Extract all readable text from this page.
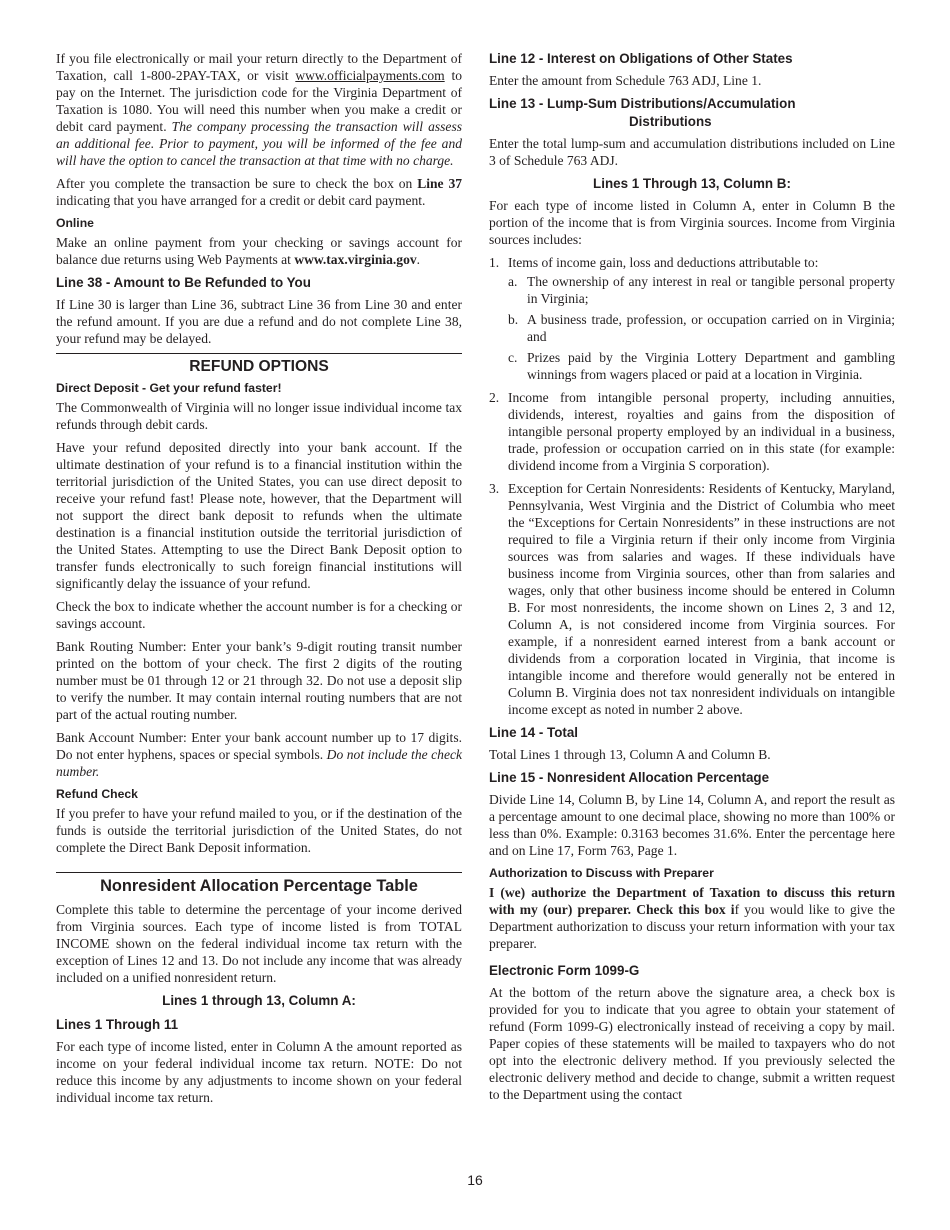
If you file electronically or mail your return directly to the Department of Taxation, call 1-800-2PAY-TAX, or visit www.officialpayments.com to pay on the Internet. The jurisdiction code for the Virginia Department of Taxation is 1080. You will need this number when you make a credit or debit card payment. The company processing the transaction will assess an additional fee. Prior to payment, you will be informed of the fee and will have the option to cancel the transaction at that time with no charge.

After you complete the transaction be sure to check the box on Line 37 indicating that you have arranged for a credit or debit card payment.

Online

Make an online payment from your checking or savings account for balance due returns using Web Payments at www.tax.virginia.gov.

Line 38 - Amount to Be Refunded to You

If Line 30 is larger than Line 36, subtract Line 36 from Line 30 and enter the refund amount. If you are due a refund and do not complete Line 38, your refund may be delayed.

REFUND OPTIONS
Direct Deposit - Get your refund faster!

The Commonwealth of Virginia will no longer issue individual income tax refunds through debit cards.

Have your refund deposited directly into your bank account. If the ultimate destination of your refund is to a financial institution within the territorial jurisdiction of the United States, you can use direct deposit to receive your refund fast! Please note, however, that the Department will not support the direct bank deposit to refunds when the ultimate destination is a financial institution outside the territorial jurisdiction of the United States. Attempting to use the Direct Bank Deposit option to transfer funds electronically to such foreign financial institutions will significantly delay the issuance of your refund.

Check the box to indicate whether the account number is for a checking or savings account.

Bank Routing Number: Enter your bank’s 9-digit routing transit number printed on the bottom of your check. The first 2 digits of the routing number must be 01 through 12 or 21 through 32. Do not use a deposit slip to verify the number. It may contain internal routing numbers that are not part of the actual routing number.

Bank Account Number: Enter your bank account number up to 17 digits. Do not enter hyphens, spaces or special symbols. Do not include the check number.

Refund Check

If you prefer to have your refund mailed to you, or if the destination of the funds is outside the territorial jurisdiction of the United States, do not complete the Direct Bank Deposit information.

Nonresident Allocation Percentage Table

Complete this table to determine the percentage of your income derived from Virginia sources. Each type of income listed is from TOTAL INCOME shown on the federal individual income tax return with the exception of Lines 12 and 13. Do not include any income that was already included on a unified nonresident return.

Lines 1 through 13, Column A:
Lines 1 Through 11

For each type of income listed, enter in Column A the amount reported as income on your federal individual income tax return. NOTE: Do not reduce this income by any adjustments to income shown on your federal individual income tax return.

Line 12 - Interest on Obligations of Other States

Enter the amount from Schedule 763 ADJ, Line 1.

Line 13 - Lump-Sum Distributions/Accumulation
Distributions

Enter the total lump-sum and accumulation distributions included on Line 3 of Schedule 763 ADJ.

Lines 1 Through 13, Column B:

For each type of income listed in Column A, enter in Column B the portion of the income that is from Virginia sources. Income from Virginia sources includes:

1. Items of income gain, loss and deductions attributable to:
a. The ownership of any interest in real or tangible personal property in Virginia;
b. A business trade, profession, or occupation carried on in Virginia; and
c. Prizes paid by the Virginia Lottery Department and gambling winnings from wagers placed or paid at a location in Virginia.
2. Income from intangible personal property, including annuities, dividends, interest, royalties and gains from the disposition of intangible personal property employed by an individual in a business, trade, profession or occupation carried on in this state (for example: dividend income from a Virginia S corporation).
3. Exception for Certain Nonresidents: Residents of Kentucky, Maryland, Pennsylvania, West Virginia and the District of Columbia who meet the “Exceptions for Certain Nonresidents” in these instructions are not required to file a Virginia return if their only income from Virginia sources was from salaries and wages. If these individuals have business income from Virginia sources, other than from salaries and wages, only that other business income should be entered in Column B. For most nonresidents, the income shown on Lines 2, 3 and 12, Column A, is not considered income from Virginia sources. For example, if a nonresident earned interest from a bank account or dividends from a corporation located in Virginia, that income is intangible income and therefore would generally not be entered in Column B. Virginia does not tax nonresident individuals on intangible income except as noted in number 2 above.
Line 14 - Total

Total Lines 1 through 13, Column A and Column B.

Line 15 - Nonresident Allocation Percentage

Divide Line 14, Column B, by Line 14, Column A, and report the result as a percentage amount to one decimal place, showing no more than 100% or less than 0%. Example: 0.3163 becomes 31.6%. Enter the percentage here and on Line 17, Form 763, Page 1.

Authorization to Discuss with Preparer

I (we) authorize the Department of Taxation to discuss this return with my (our) preparer. Check this box if you would like to give the Department authorization to discuss your return information with your tax preparer.

Electronic Form 1099-G

At the bottom of the return above the signature area, a check box is provided for you to indicate that you agree to obtain your statement of refund (Form 1099-G) electronically instead of receiving a copy by mail. Paper copies of these statements will be mailed to taxpayers who do not opt into the electronic delivery method. If you previously selected the electronic delivery method and decide to change, submit a written request to the Department using the contact

16
